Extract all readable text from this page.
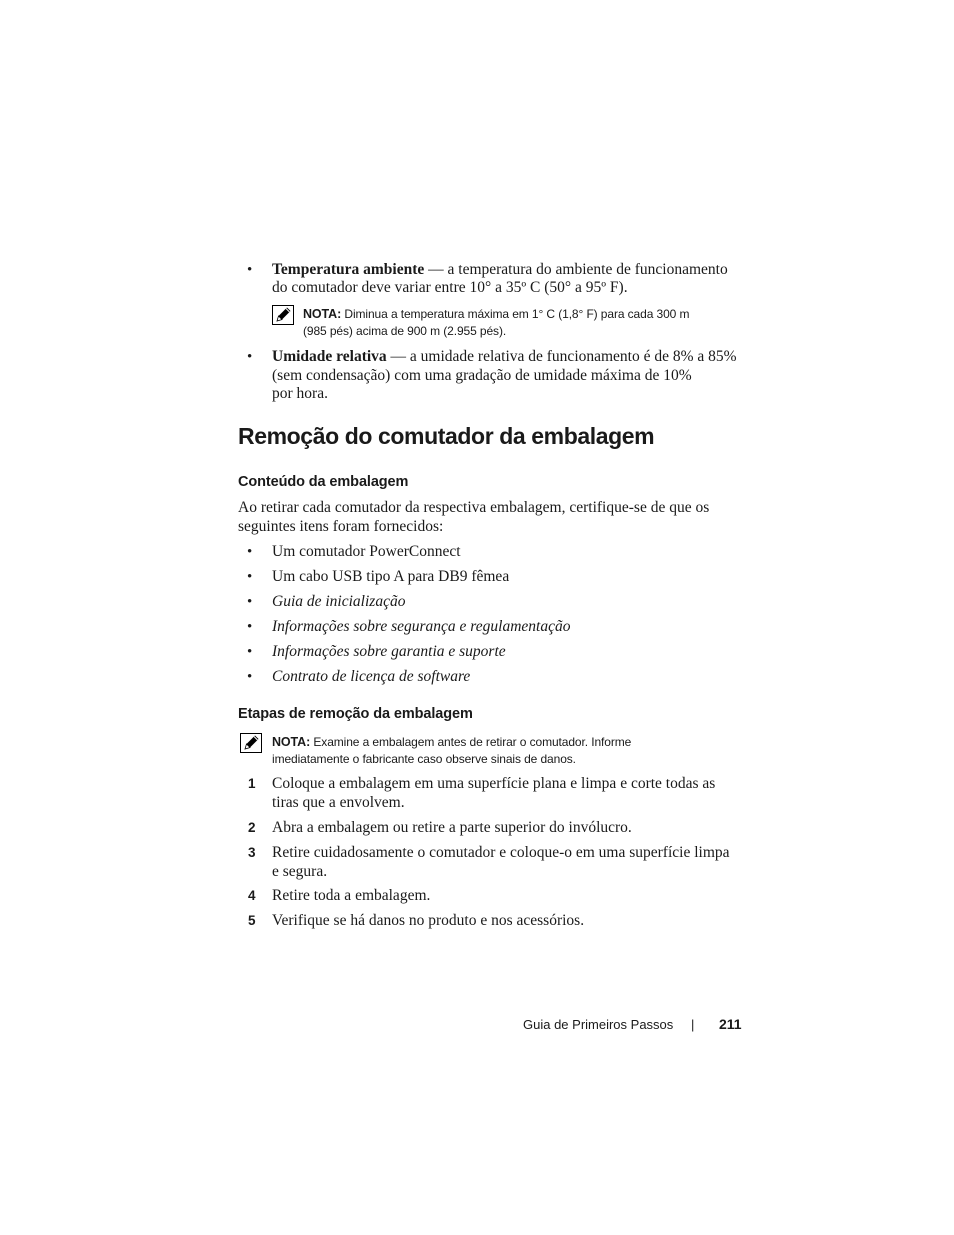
• Temperatura ambiente — a temperatura do ambiente de funcionamento
do comutador deve variar entre 10° a 35º C (50° a 95º F).
NOTA: Diminua a temperatura máxima em 1° C (1,8° F) para cada 300 m
(985 pés) acima de 900 m (2.955 pés).
• Umidade relativa — a umidade relativa de funcionamento é de 8% a 85%
(sem condensação) com uma gradação de umidade máxima de 10%
por hora.
Remoção do comutador da embalagem
Conteúdo da embalagem
Ao retirar cada comutador da respectiva embalagem, certifique-se de que os
seguintes itens foram fornecidos:
• Um comutador PowerConnect
• Um cabo USB tipo A para DB9 fêmea
• Guia de inicialização
• Informações sobre segurança e regulamentação
• Informações sobre garantia e suporte
• Contrato de licença de software
Etapas de remoção da embalagem
NOTA: Examine a embalagem antes de retirar o comutador. Informe
imediatamente o fabricante caso observe sinais de danos.
1 Coloque a embalagem em uma superfície plana e limpa e corte todas as
tiras que a envolvem.
2 Abra a embalagem ou retire a parte superior do invólucro.
3 Retire cuidadosamente o comutador e coloque-o em uma superfície limpa
e segura.
4 Retire toda a embalagem.
5 Verifique se há danos no produto e nos acessórios.
Guia de Primeiros Passos | 211
